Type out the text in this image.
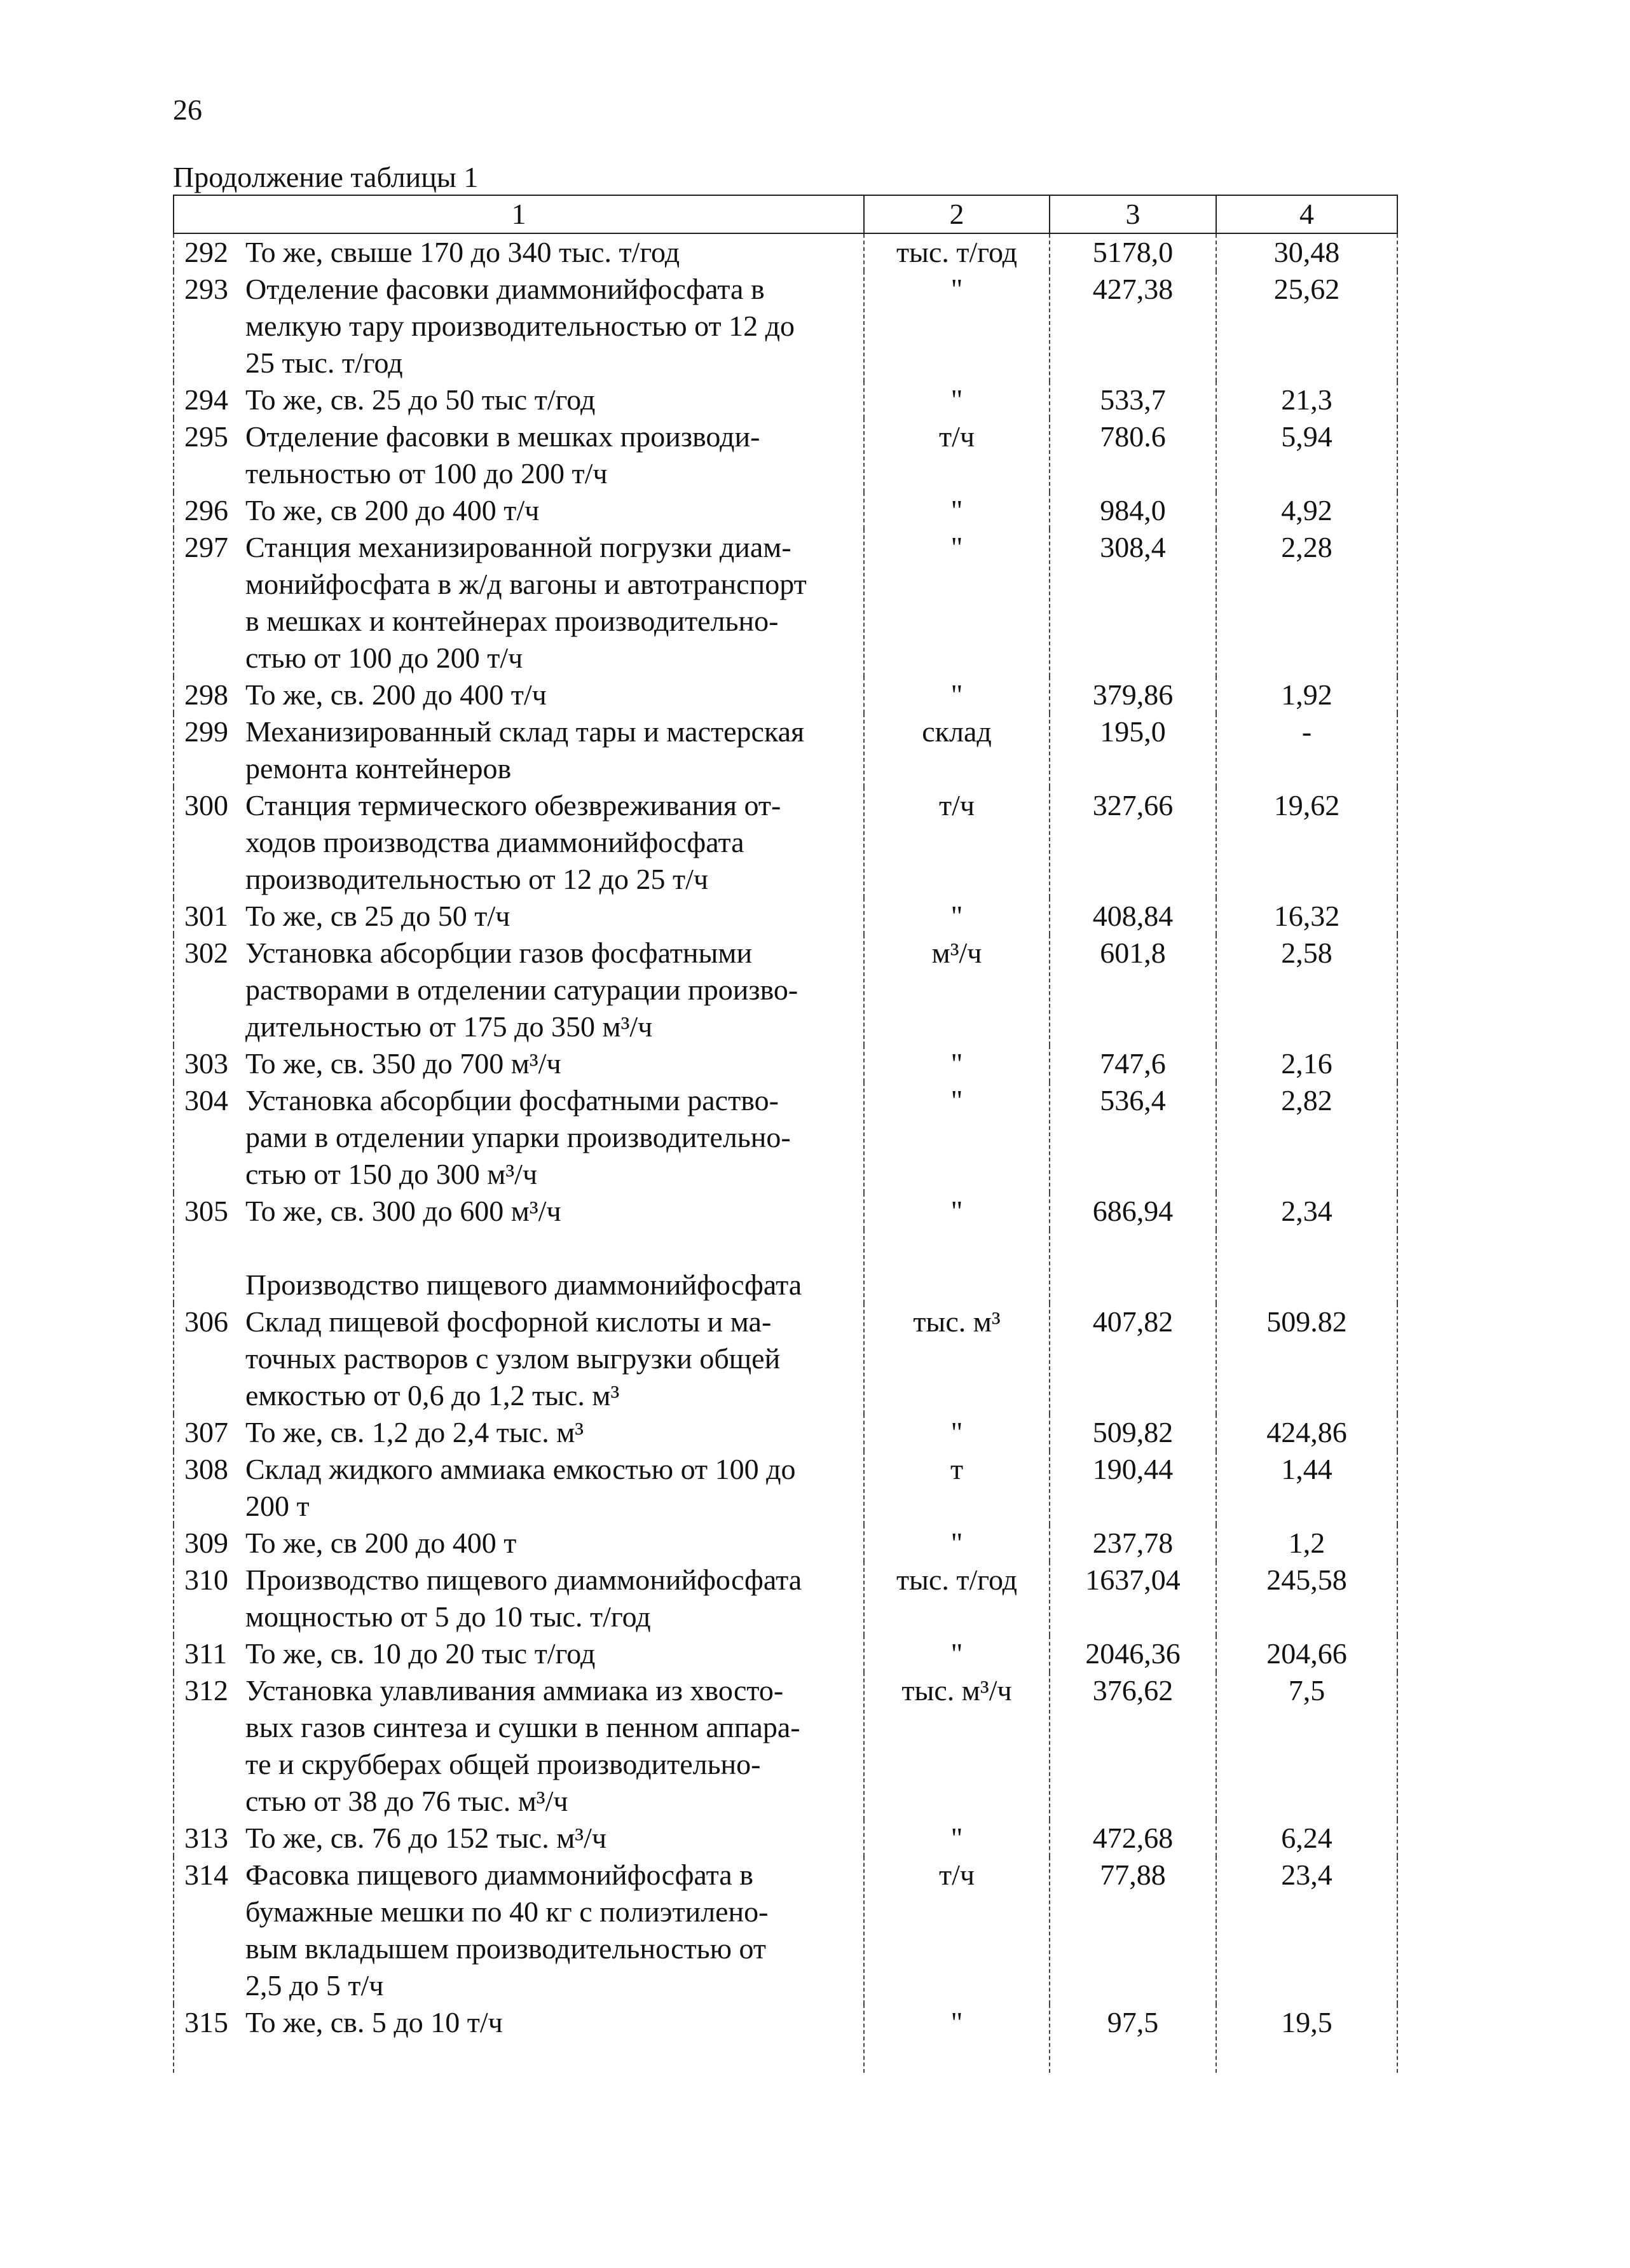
26
Продолжение таблицы 1
1	2	3	4

292 То же, свыше 170 до 340 тыс. т/год	тыс. т/год	5178,0	30,48

293 Отделение фасовки диаммонийфосфата в
мелкую тару производительностью от 12 до
25 тыс. т/год	"	427,38	25,62

294 То же, св. 25 до 50 тыс т/год	"	533,7	21,3

295 Отделение фасовки в мешках производи-
тельностью от 100 до 200 т/ч	т/ч	780.6	5,94

296 То же, св 200 до 400 т/ч	"	984,0	4,92

297 Станция механизированной погрузки диам-
монийфосфата в ж/д вагоны и автотранспорт
в мешках и контейнерах производительно-
стью от 100 до 200 т/ч	"	308,4	2,28

298 То же, св. 200 до 400 т/ч	"	379,86	1,92

299 Механизированный склад тары и мастерская
ремонта контейнеров	склад	195,0	-

300 Станция термического обезвреживания от-
ходов производства диаммонийфосфата
производительностью от 12 до 25 т/ч	т/ч	327,66	19,62

301 То же, св 25 до 50 т/ч	"	408,84	16,32

302 Установка абсорбции газов фосфатными
растворами в отделении сатурации произво-
дительностью от 175 до 350 м³/ч	м³/ч	601,8	2,58

303 То же, св. 350 до 700 м³/ч	"	747,6	2,16

304 Установка абсорбции фосфатными раство-
рами в отделении упарки производительно-
стью от 150 до 300 м³/ч	"	536,4	2,82

305 То же, св. 300 до 600 м³/ч	"	686,94	2,34

Производство пищевого диаммонийфосфата			

306 Склад пищевой фосфорной кислоты и ма-
точных растворов с узлом выгрузки общей
емкостью от 0,6 до 1,2 тыс. м³	тыс. м³	407,82	509.82

307 То же, св. 1,2 до 2,4 тыс. м³	"	509,82	424,86

308 Склад жидкого аммиака емкостью от 100 до
200 т	т	190,44	1,44

309 То же, св 200 до 400 т	"	237,78	1,2

310 Производство пищевого диаммонийфосфата
мощностью от 5 до 10 тыс. т/год	тыс. т/год	1637,04	245,58

311 То же, св. 10 до 20 тыс т/год	"	2046,36	204,66

312 Установка улавливания аммиака из хвосто-
вых газов синтеза и сушки в пенном аппара-
те и скрубберах общей производительно-
стью от 38 до 76 тыс. м³/ч	тыс. м³/ч	376,62	7,5

313 То же, св. 76 до 152 тыс. м³/ч	"	472,68	6,24

314 Фасовка пищевого диаммонийфосфата в
бумажные мешки по 40 кг с полиэтилено-
вым вкладышем производительностью от
2,5 до 5 т/ч	т/ч	77,88	23,4

315 То же, св. 5 до 10 т/ч	"	97,5	19,5
